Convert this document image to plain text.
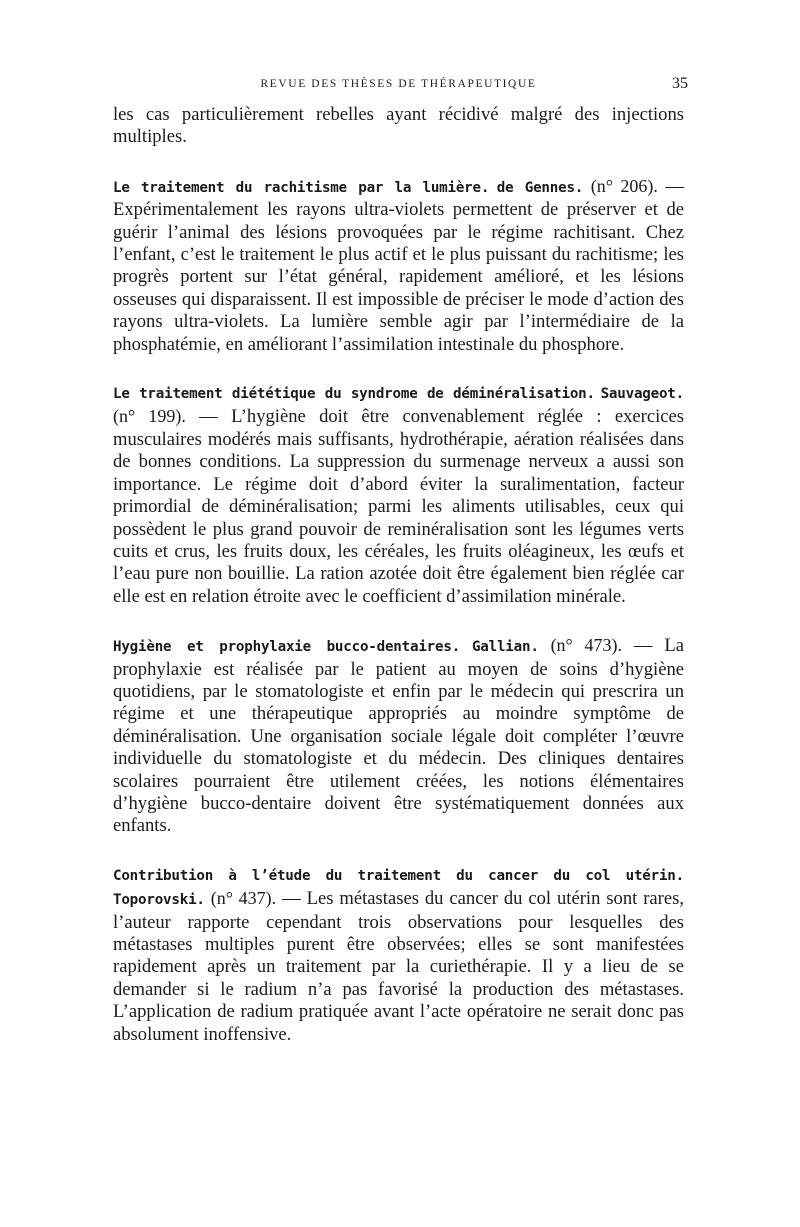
REVUE DES THÈSES DE THÉRAPEUTIQUE	35

les cas particulièrement rebelles ayant récidivé malgré des injections multiples.

Le traitement du rachitisme par la lumière. de Gennes. (n° 206). — Expérimentalement les rayons ultra-violets permettent de préserver et de guérir l’animal des lésions provoquées par le régime rachitisant. Chez l’enfant, c’est le traitement le plus actif et le plus puissant du rachitisme; les progrès portent sur l’état général, rapidement amélioré, et les lésions osseuses qui disparaissent. Il est impossible de préciser le mode d’action des rayons ultra-violets. La lumière semble agir par l’intermédiaire de la phosphatémie, en améliorant l’assimilation intestinale du phosphore.

Le traitement diététique du syndrome de déminéralisation. Sauvageot. (n° 199). — L’hygiène doit être convenablement réglée : exercices musculaires modérés mais suffisants, hydrothérapie, aération réalisées dans de bonnes conditions. La suppression du surmenage nerveux a aussi son importance. Le régime doit d’abord éviter la suralimentation, facteur primordial de déminéralisation; parmi les aliments utilisables, ceux qui possèdent le plus grand pouvoir de reminéralisation sont les légumes verts cuits et crus, les fruits doux, les céréales, les fruits oléagineux, les œufs et l’eau pure non bouillie. La ration azotée doit être également bien réglée car elle est en relation étroite avec le coefficient d’assimilation minérale.

Hygiène et prophylaxie bucco-dentaires. Gallian. (n° 473). — La prophylaxie est réalisée par le patient au moyen de soins d’hygiène quotidiens, par le stomatologiste et enfin par le médecin qui prescrira un régime et une thérapeutique appropriés au moindre symptôme de déminéralisation. Une organisation sociale légale doit compléter l’œuvre individuelle du stomatologiste et du médecin. Des cliniques dentaires scolaires pourraient être utilement créées, les notions élémentaires d’hygiène bucco-dentaire doivent être systématiquement données aux enfants.

Contribution à l’étude du traitement du cancer du col utérin. Toporovski. (n° 437). — Les métastases du cancer du col utérin sont rares, l’auteur rapporte cependant trois observations pour lesquelles des métastases multiples purent être observées; elles se sont manifestées rapidement après un traitement par la curiethérapie. Il y a lieu de se demander si le radium n’a pas favorisé la production des métastases. L’application de radium pratiquée avant l’acte opératoire ne serait donc pas absolument inoffensive.
